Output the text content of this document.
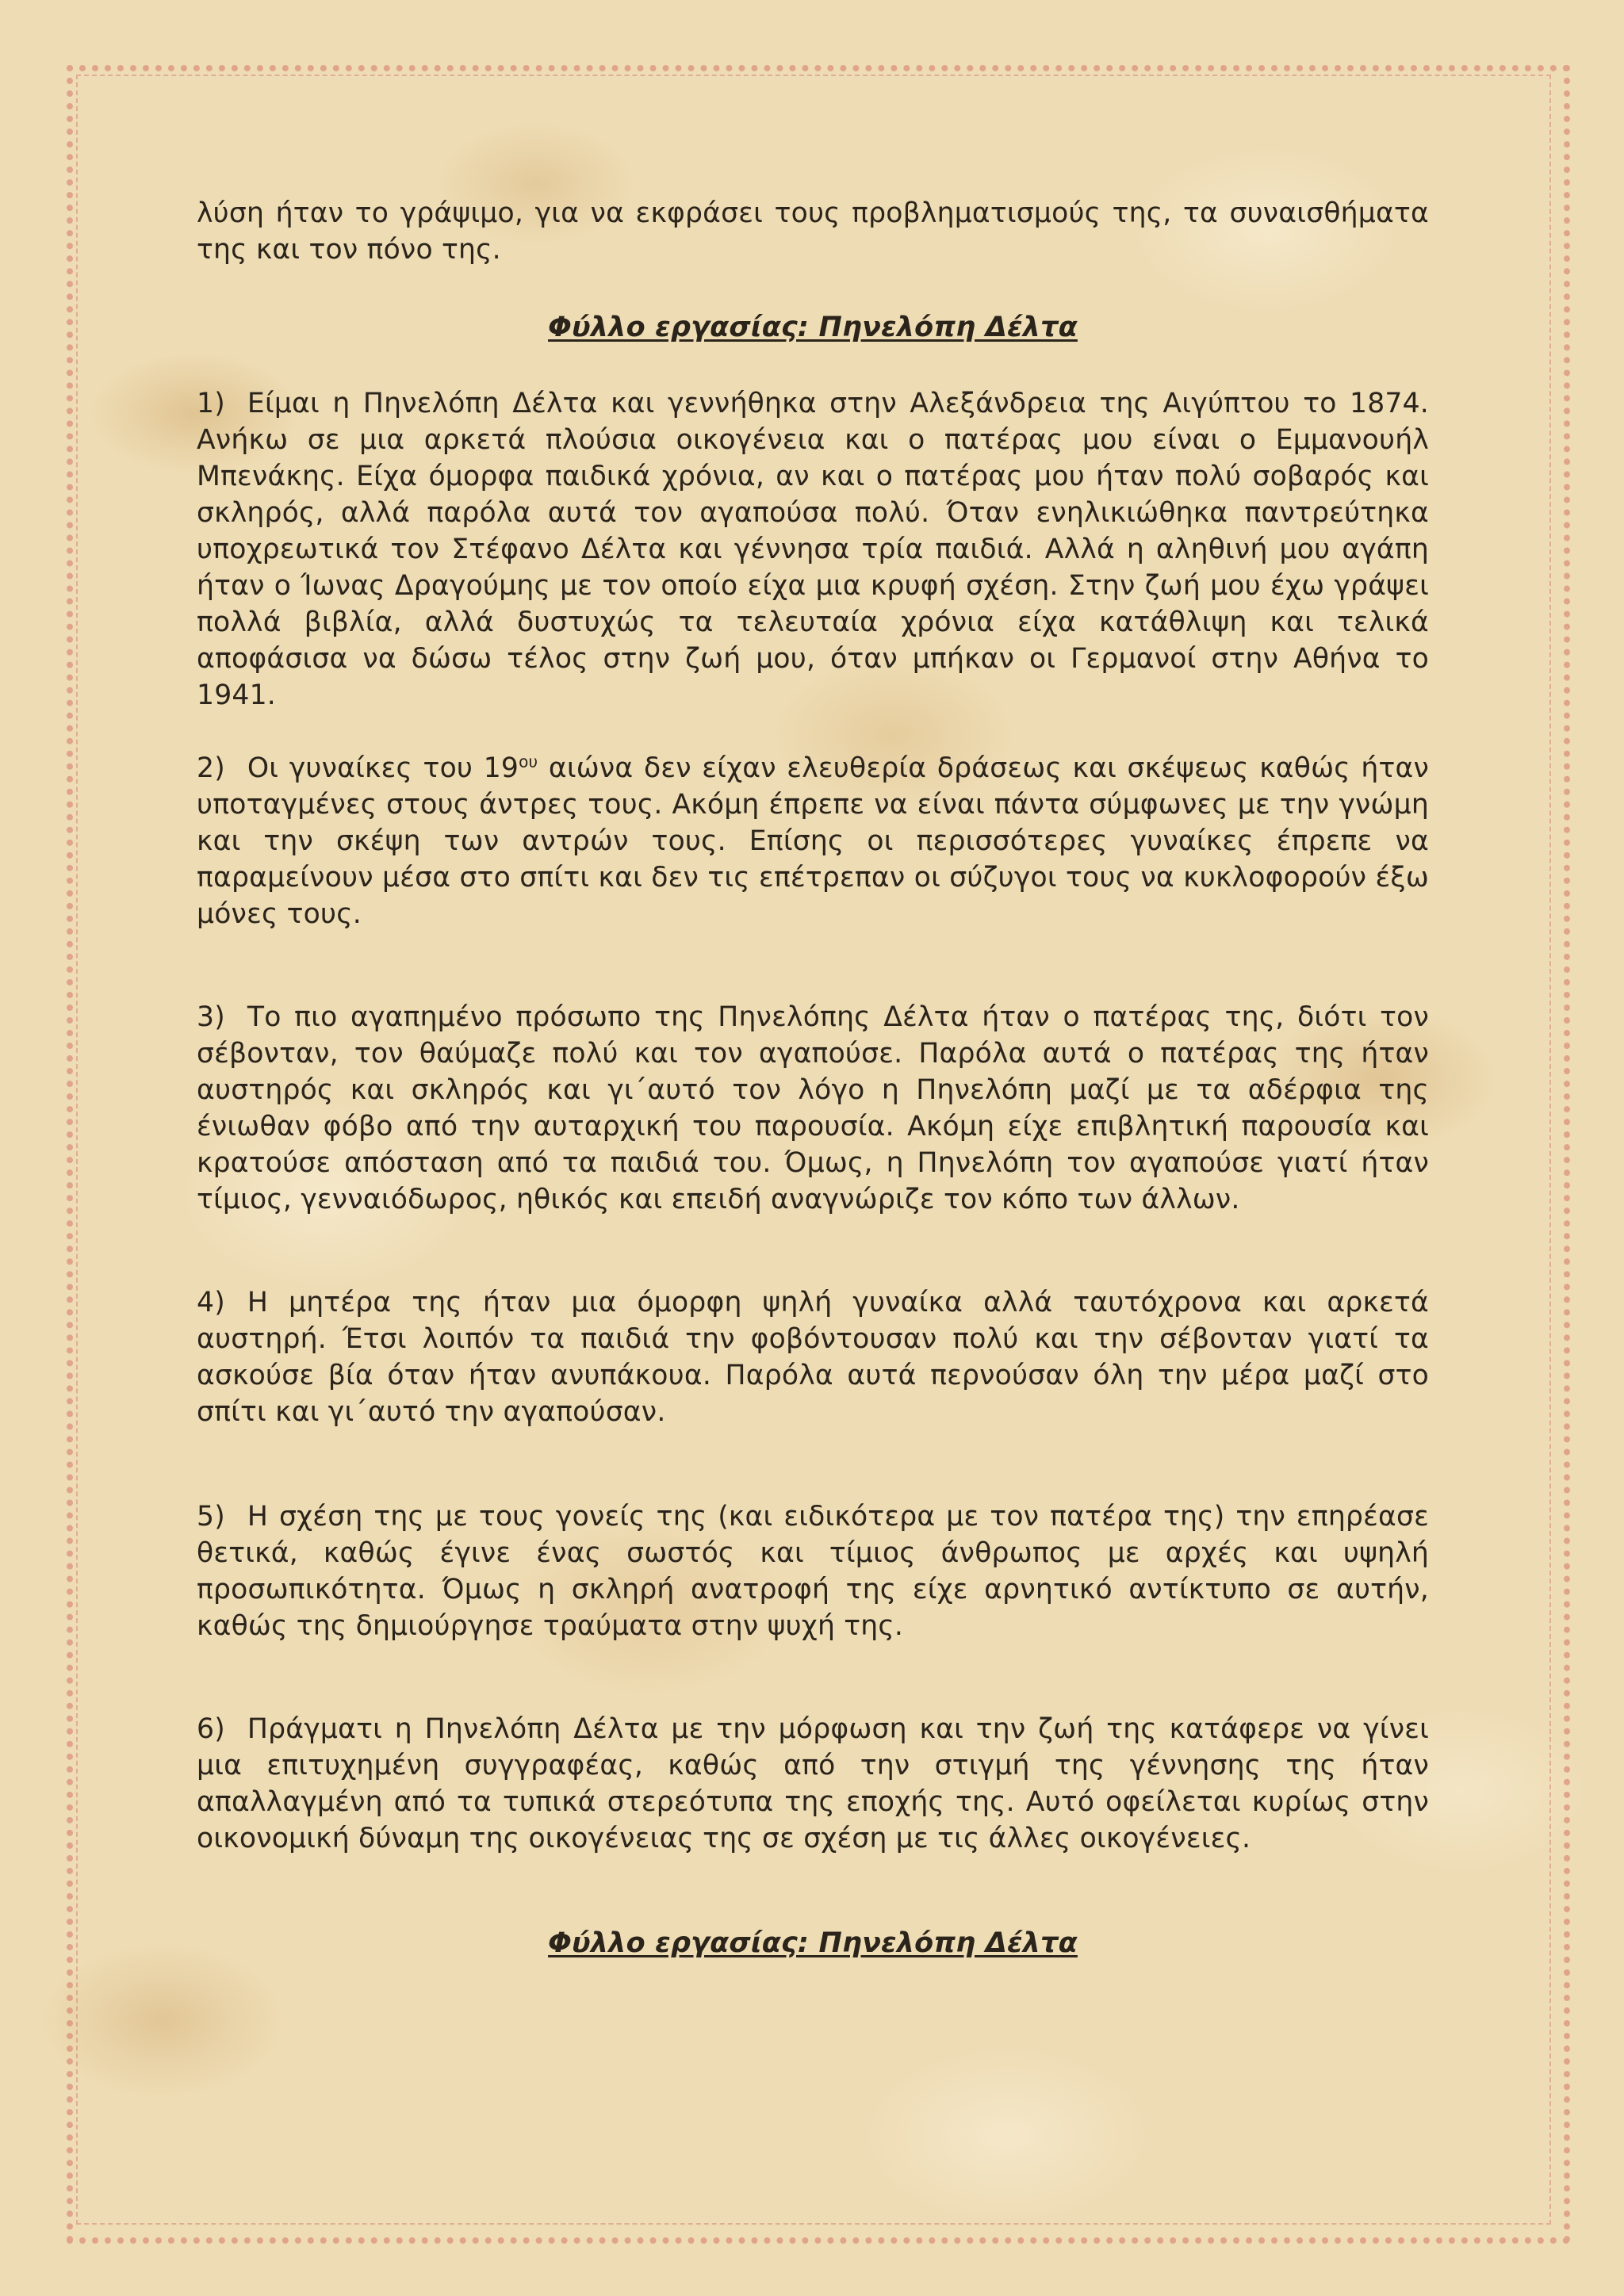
λύση ήταν το γράψιμο, για να εκφράσει τους προβληματισμούς της, τα συναισθήματα της και τον πόνο της.

Φύλλο εργασίας: Πηνελόπη Δέλτα

1) Είμαι η Πηνελόπη Δέλτα και γεννήθηκα στην Αλεξάνδρεια της Αιγύπτου το 1874. Ανήκω σε μια αρκετά πλούσια οικογένεια και ο πατέρας μου είναι ο Εμμανουήλ Μπενάκης. Είχα όμορφα παιδικά χρόνια, αν και ο πατέρας μου ήταν πολύ σοβαρός και σκληρός, αλλά παρόλα αυτά τον αγαπούσα πολύ. Όταν ενηλικιώθηκα παντρεύτηκα υποχρεωτικά τον Στέφανο Δέλτα και γέννησα τρία παιδιά. Αλλά η αληθινή μου αγάπη ήταν ο Ίωνας Δραγούμης με τον οποίο είχα μια κρυφή σχέση. Στην ζωή μου έχω γράψει πολλά βιβλία, αλλά δυστυχώς τα τελευταία χρόνια είχα κατάθλιψη και τελικά αποφάσισα να δώσω τέλος στην ζωή μου, όταν μπήκαν οι Γερμανοί στην Αθήνα το 1941.

2) Οι γυναίκες του $19^{o\upsilon}$ αιώνα δεν είχαν ελευθερία δράσεως και σκέψεως καθώς ήταν υποταγμένες στους άντρες τους. Ακόμη έπρεπε να είναι πάντα σύμφωνες με την γνώμη και την σκέψη των αντρών τους. Επίσης οι περισσότερες γυναίκες έπρεπε να παραμείνουν μέσα στο σπίτι και δεν τις επέτρεπαν οι σύζυγοι τους να κυκλοφορούν έξω μόνες τους.

3) Το πιο αγαπημένο πρόσωπο της Πηνελόπης Δέλτα ήταν ο πατέρας της, διότι τον σέβονταν, τον θαύμαζε πολύ και τον αγαπούσε. Παρόλα αυτά ο πατέρας της ήταν αυστηρός και σκληρός και γι΄αυτό τον λόγο η Πηνελόπη μαζί με τα αδέρφια της ένιωθαν φόβο από την αυταρχική του παρουσία. Ακόμη είχε επιβλητική παρουσία και κρατούσε απόσταση από τα παιδιά του. Όμως, η Πηνελόπη τον αγαπούσε γιατί ήταν τίμιος, γενναιόδωρος, ηθικός και επειδή αναγνώριζε τον κόπο των άλλων.

4) Η μητέρα της ήταν μια όμορφη ψηλή γυναίκα αλλά ταυτόχρονα και αρκετά αυστηρή. Έτσι λοιπόν τα παιδιά την φοβόντουσαν πολύ και την σέβονταν γιατί τα ασκούσε βία όταν ήταν ανυπάκουα. Παρόλα αυτά περνούσαν όλη την μέρα μαζί στο σπίτι και γι΄αυτό την αγαπούσαν.

5) Η σχέση της με τους γονείς της (και ειδικότερα με τον πατέρα της) την επηρέασε θετικά, καθώς έγινε ένας σωστός και τίμιος άνθρωπος με αρχές και υψηλή προσωπικότητα. Όμως η σκληρή ανατροφή της είχε αρνητικό αντίκτυπο σε αυτήν, καθώς της δημιούργησε τραύματα στην ψυχή της.

6) Πράγματι η Πηνελόπη Δέλτα με την μόρφωση και την ζωή της κατάφερε να γίνει μια επιτυχημένη συγγραφέας, καθώς από την στιγμή της γέννησης της ήταν απαλλαγμένη από τα τυπικά στερεότυπα της εποχής της. Αυτό οφείλεται κυρίως στην οικονομική δύναμη της οικογένειας της σε σχέση με τις άλλες οικογένειες.

Φύλλο εργασίας: Πηνελόπη Δέλτα
